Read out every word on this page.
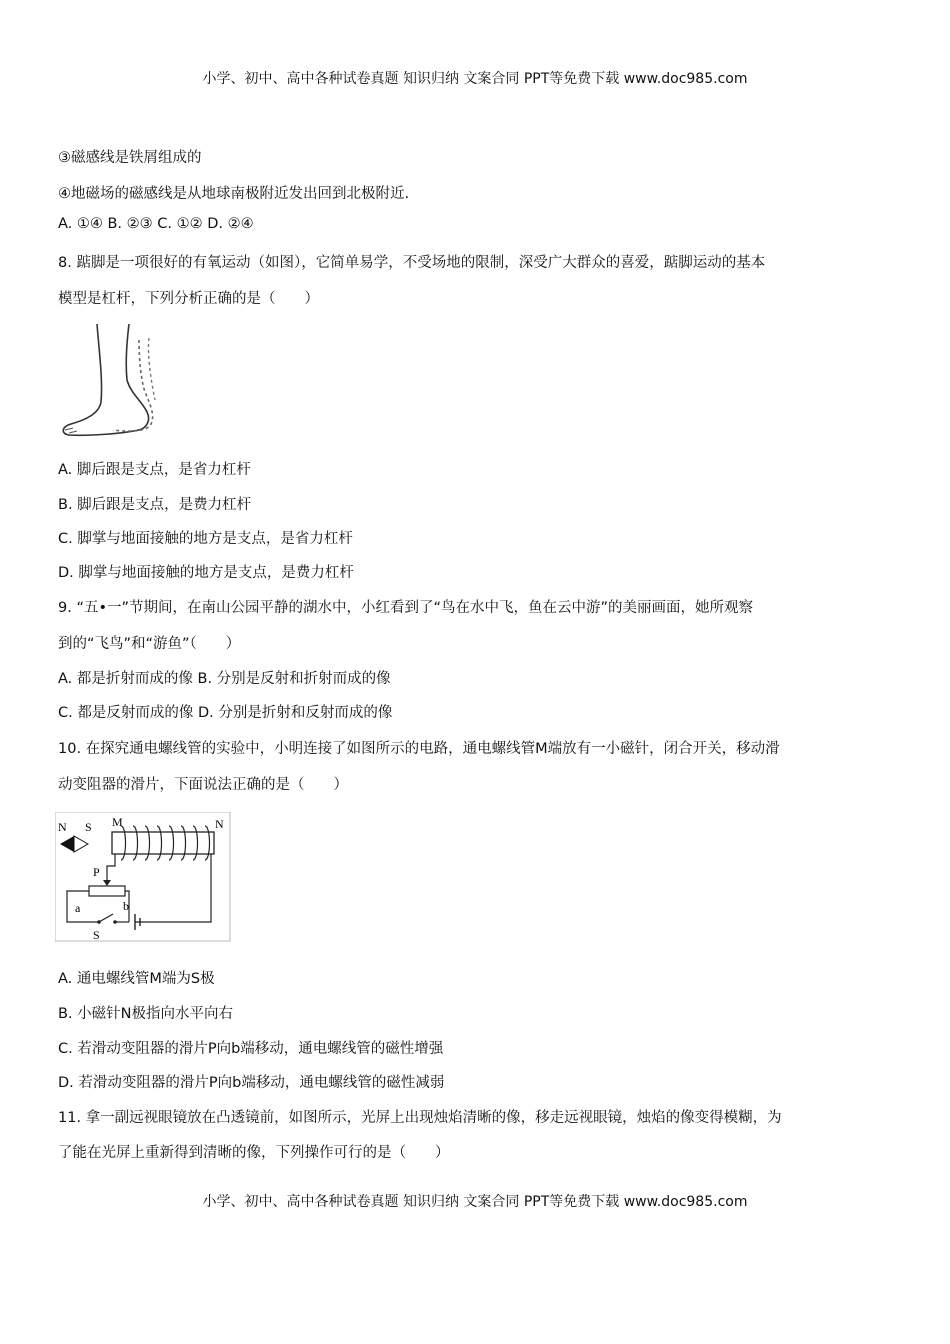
小学、初中、高中各种试卷真题 知识归纳 文案合同 PPT等免费下载 www.doc985.com
③磁感线是铁屑组成的
④地磁场的磁感线是从地球南极附近发出回到北极附近.
A. ①④ B. ②③ C. ①② D. ②④
8. 踮脚是一项很好的有氧运动（如图），它简单易学，不受场地的限制，深受广大群众的喜爱，踮脚运动的基本
模型是杠杆，下列分析正确的是（　　）
A. 脚后跟是支点，是省力杠杆
B. 脚后跟是支点，是费力杠杆
C. 脚掌与地面接触的地方是支点，是省力杠杆
D. 脚掌与地面接触的地方是支点，是费力杠杆
9. “五•一”节期间，在南山公园平静的湖水中，小红看到了“鸟在水中飞，鱼在云中游”的美丽画面，她所观察
到的“飞鸟”和“游鱼”（　　）
A. 都是折射而成的像 B. 分别是反射和折射而成的像
C. 都是反射而成的像 D. 分别是折射和反射而成的像
10. 在探究通电螺线管的实验中，小明连接了如图所示的电路，通电螺线管M端放有一小磁针，闭合开关，移动滑
动变阻器的滑片，下面说法正确的是（　　）
N S M	N
P
a	b
S
A. 通电螺线管M端为S极
B. 小磁针N极指向水平向右
C. 若滑动变阻器的滑片P向b端移动，通电螺线管的磁性增强
D. 若滑动变阻器的滑片P向b端移动，通电螺线管的磁性减弱
11. 拿一副远视眼镜放在凸透镜前，如图所示，光屏上出现烛焰清晰的像，移走远视眼镜，烛焰的像变得模糊，为
了能在光屏上重新得到清晰的像，下列操作可行的是（　　）
小学、初中、高中各种试卷真题 知识归纳 文案合同 PPT等免费下载 www.doc985.com
